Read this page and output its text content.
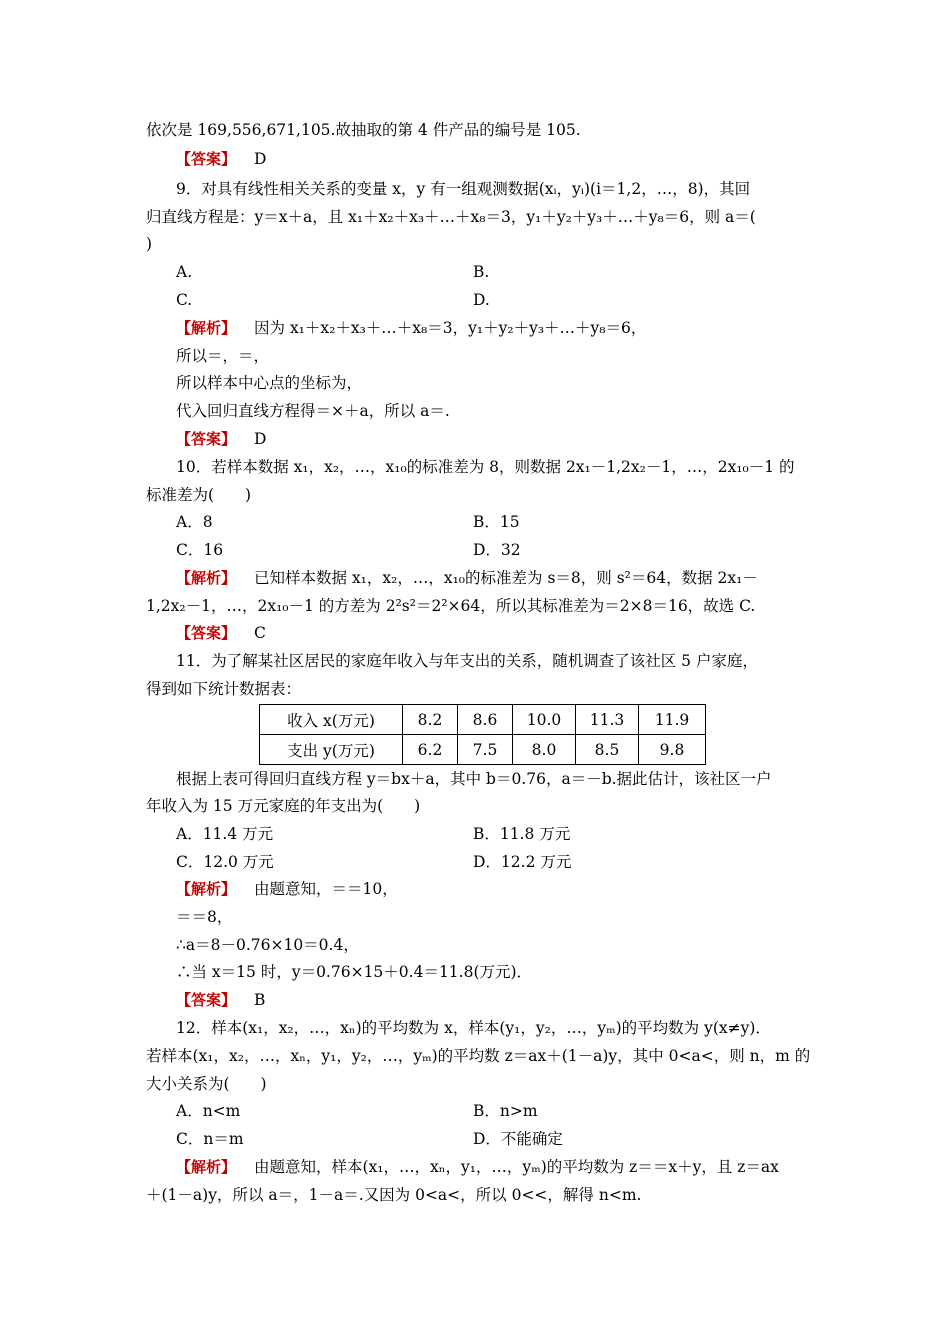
依次是 169,556,671,105.故抽取的第 4 件产品的编号是 105.
【答案】 D
9．对具有线性相关关系的变量 x，y 有一组观测数据(xᵢ，yᵢ)(i＝1,2，…，8)，其回
归直线方程是：y＝x＋a，且 x₁＋x₂＋x₃＋…＋x₈＝3，y₁＋y₂＋y₃＋…＋y₈＝6，则 a＝(
)
A.	B.
C.	D.
【解析】 因为 x₁＋x₂＋x₃＋…＋x₈＝3，y₁＋y₂＋y₃＋…＋y₈＝6，
所以＝，＝，
所以样本中心点的坐标为，
代入回归直线方程得＝×＋a，所以 a＝.
【答案】 D
10．若样本数据 x₁，x₂，…，x₁₀的标准差为 8，则数据 2x₁－1,2x₂－1，…，2x₁₀－1 的
标准差为(　　)
A．8	B．15
C．16	D．32
【解析】 已知样本数据 x₁，x₂，…，x₁₀的标准差为 s＝8，则 s²＝64，数据 2x₁－
1,2x₂－1，…，2x₁₀－1 的方差为 2²s²＝2²×64，所以其标准差为＝2×8＝16，故选 C.
【答案】 C
11．为了解某社区居民的家庭年收入与年支出的关系，随机调查了该社区 5 户家庭，
得到如下统计数据表：
收入 x(万元)	8.2	8.6	10.0	11.3	11.9
支出 y(万元)	6.2	7.5	8.0	8.5	9.8
根据上表可得回归直线方程 y＝bx＋a，其中 b＝0.76，a＝－b.据此估计，该社区一户
年收入为 15 万元家庭的年支出为(　　)
A．11.4 万元	B．11.8 万元
C．12.0 万元	D．12.2 万元
【解析】 由题意知，＝＝10，
＝＝8，
∴a＝8－0.76×10＝0.4，
∴当 x＝15 时，y＝0.76×15＋0.4＝11.8(万元)．
【答案】 B
12．样本(x₁，x₂，…，xₙ)的平均数为 x，样本(y₁，y₂，…，yₘ)的平均数为 y(x≠y)．
若样本(x₁，x₂，…，xₙ，y₁，y₂，…，yₘ)的平均数 z＝ax＋(1－a)y，其中 0<a<，则 n，m 的
大小关系为(　　)
A．n<m	B．n>m
C．n＝m	D．不能确定
【解析】 由题意知，样本(x₁，…，xₙ，y₁，…，yₘ)的平均数为 z＝＝x＋y，且 z＝ax
＋(1－a)y，所以 a＝，1－a＝.又因为 0<a<，所以 0<<，解得 n<m.
